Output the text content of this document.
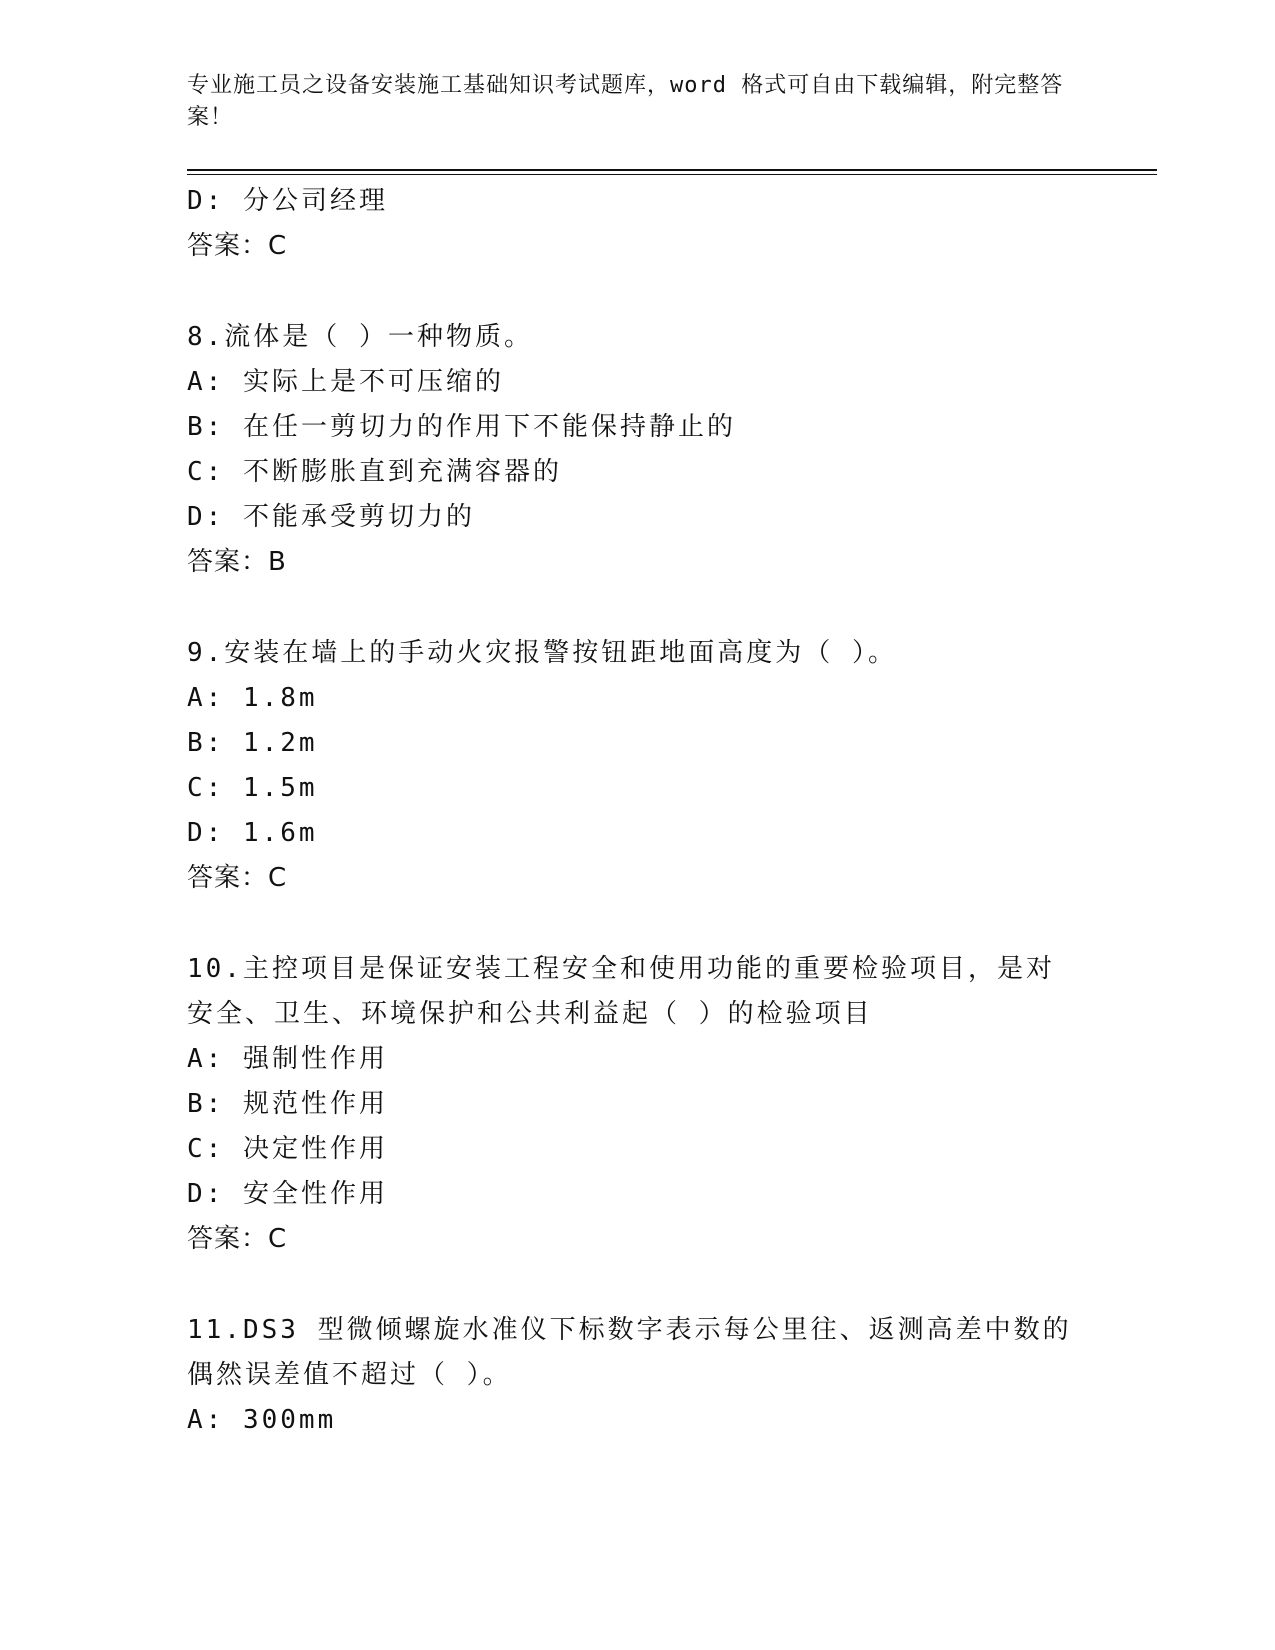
专业施工员之设备安装施工基础知识考试题库，word 格式可自由下载编辑，附完整答案！

D: 分公司经理

答案：C

8.流体是（ ）一种物质。

A: 实际上是不可压缩的

B: 在任一剪切力的作用下不能保持静止的

C: 不断膨胀直到充满容器的

D: 不能承受剪切力的

答案：B

9.安装在墙上的手动火灾报警按钮距地面高度为（ ）。

A: 1.8m

B: 1.2m

C: 1.5m

D: 1.6m

答案：C

10.主控项目是保证安装工程安全和使用功能的重要检验项目，是对安全、卫生、环境保护和公共利益起（ ）的检验项目

A: 强制性作用

B: 规范性作用

C: 决定性作用

D: 安全性作用

答案：C

11.DS3 型微倾螺旋水准仪下标数字表示每公里往、返测高差中数的偶然误差值不超过（ ）。

A: 300mm
